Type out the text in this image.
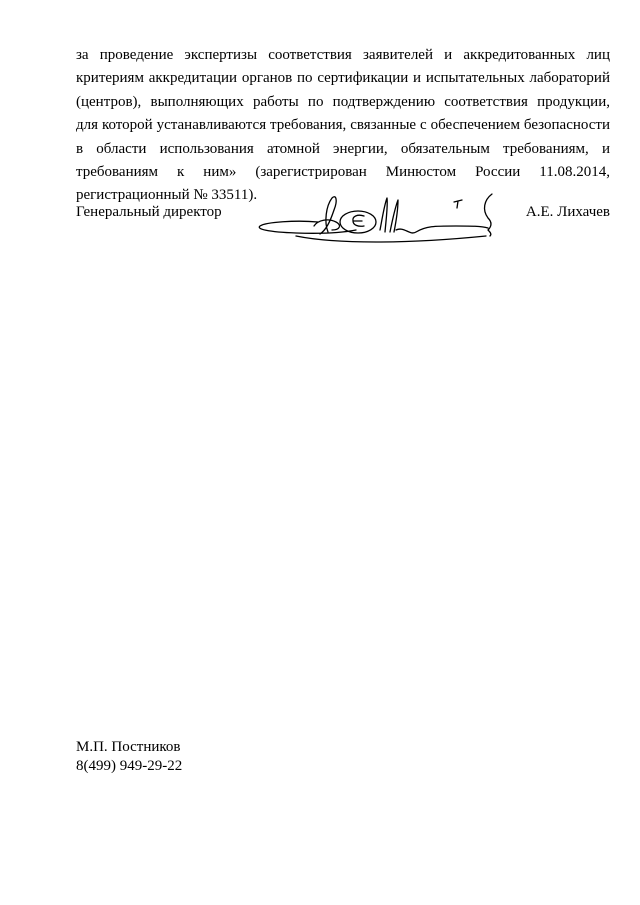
за проведение экспертизы соответствия заявителей и аккредитованных лиц
критериям аккредитации органов по сертификации и испытательных лабораторий
(центров), выполняющих работы по подтверждению соответствия продукции,
для которой устанавливаются требования, связанные с обеспечением безопасности
в области использования атомной энергии, обязательным требованиям, и
требованиям к ним» (зарегистрирован Минюстом России 11.08.2014,
регистрационный № 33511).

Генеральный директор	А.Е. Лихачев

М.П. Постников
8(499) 949-29-22
